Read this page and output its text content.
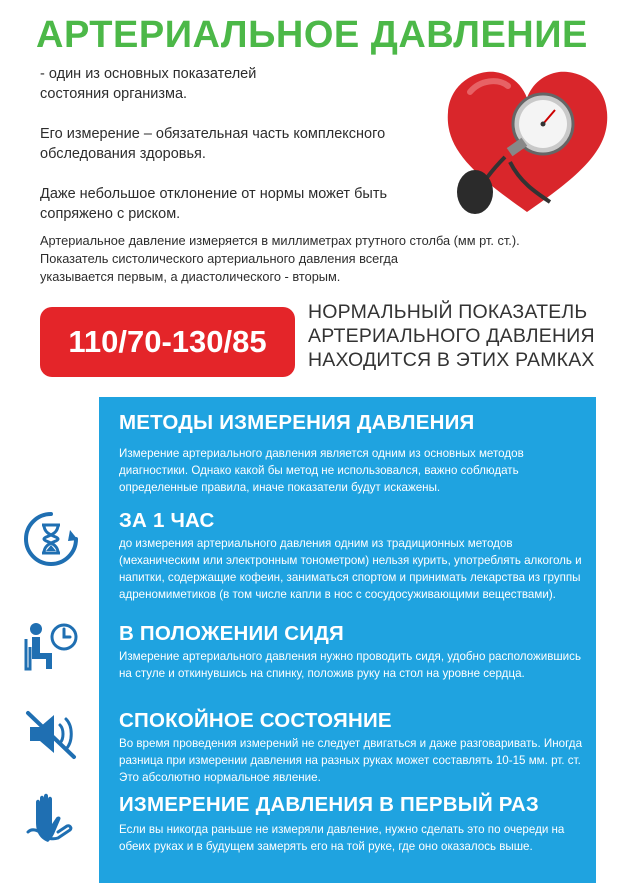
АРТЕРИАЛЬНОЕ ДАВЛЕНИЕ
- один из основных показателей
состояния организма.
Его измерение – обязательная часть комплексного
обследования здоровья.
Даже небольшое отклонение от нормы может быть
сопряжено с риском.
Артериальное давление измеряется в миллиметрах ртутного столба (мм рт. ст.).
Показатель систолического артериального давления всегда
указывается первым, а диастолического - вторым.
110/70-130/85
НОРМАЛЬНЫЙ ПОКАЗАТЕЛЬ
АРТЕРИАЛЬНОГО ДАВЛЕНИЯ
НАХОДИТСЯ В ЭТИХ РАМКАХ
МЕТОДЫ ИЗМЕРЕНИЯ ДАВЛЕНИЯ

Измерение артериального давления является одним из основных методов диагностики. Однако какой бы метод не использовался, важно соблюдать определенные правила, иначе показатели будут искажены.

ЗА 1 ЧАС

до измерения артериального давления одним из традиционных методов (механическим или электронным тонометром) нельзя курить, употреблять алкоголь и напитки, содержащие кофеин, заниматься спортом и принимать лекарства из группы адреномиметиков (в том числе капли в нос с сосудосуживающими веществами).

В ПОЛОЖЕНИИ СИДЯ

Измерение артериального давления нужно проводить сидя, удобно расположившись на стуле и откинувшись на спинку, положив руку на стол на уровне сердца.

СПОКОЙНОЕ СОСТОЯНИЕ

Во время проведения измерений не следует двигаться и даже разговаривать. Иногда разница при измерении давления на разных руках может составлять 10-15 мм. рт. ст. Это абсолютно нормальное явление.

ИЗМЕРЕНИЕ ДАВЛЕНИЯ В ПЕРВЫЙ РАЗ

Если вы никогда раньше не измеряли давление, нужно сделать это по очереди на обеих руках и в будущем замерять его на той руке, где оно оказалось выше.
